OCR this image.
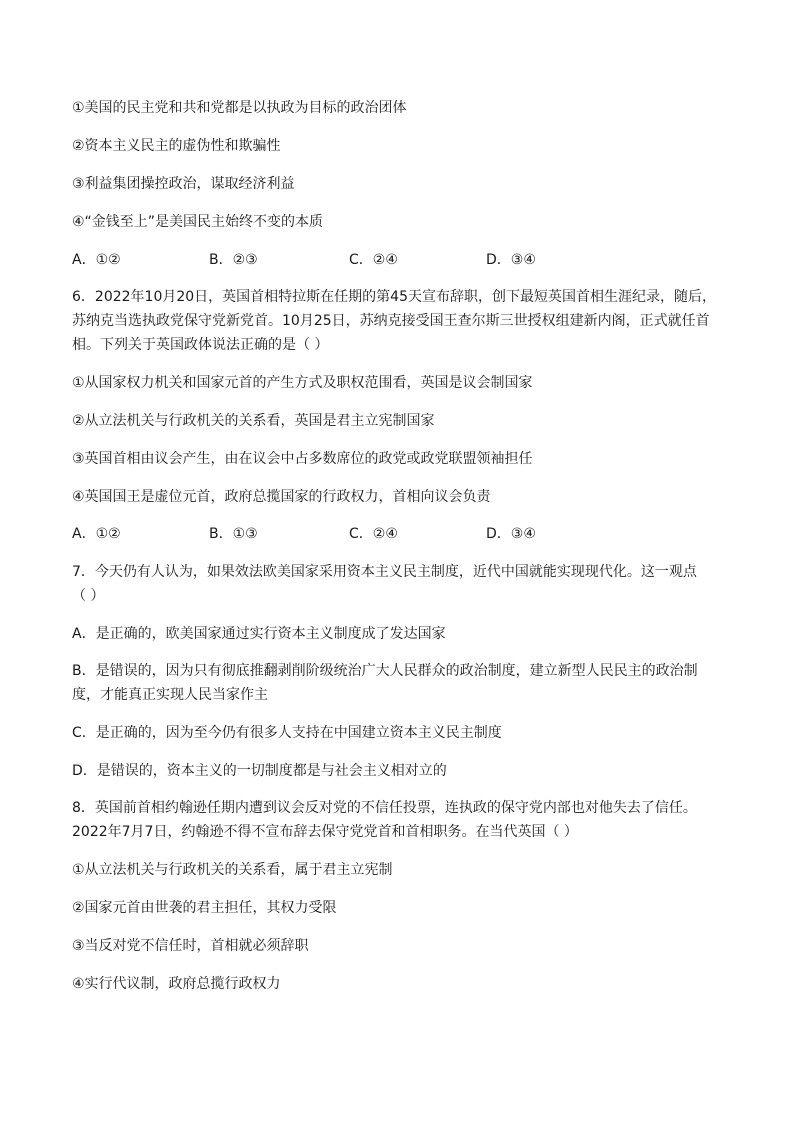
①美国的民主党和共和党都是以执政为目标的政治团体
②资本主义民主的虚伪性和欺骗性
③利益集团操控政治，谋取经济利益
④“金钱至上”是美国民主始终不变的本质
A．①②	B．②③	C．②④	D．③④
6．2022年10月20日，英国首相特拉斯在任期的第45天宣布辞职，创下最短英国首相生涯纪录，随后，
苏纳克当选执政党保守党新党首。10月25日，苏纳克接受国王查尔斯三世授权组建新内阁，正式就任首
相。下列关于英国政体说法正确的是（ ）
①从国家权力机关和国家元首的产生方式及职权范围看，英国是议会制国家
②从立法机关与行政机关的关系看，英国是君主立宪制国家
③英国首相由议会产生，由在议会中占多数席位的政党或政党联盟领袖担任
④英国国王是虚位元首，政府总揽国家的行政权力，首相向议会负责
A．①②	B．①③	C．②④	D．③④
7．今天仍有人认为，如果效法欧美国家采用资本主义民主制度，近代中国就能实现现代化。这一观点
（ ）
A．是正确的，欧美国家通过实行资本主义制度成了发达国家
B．是错误的，因为只有彻底推翻剥削阶级统治广大人民群众的政治制度，建立新型人民民主的政治制
度，才能真正实现人民当家作主
C．是正确的，因为至今仍有很多人支持在中国建立资本主义民主制度
D．是错误的，资本主义的一切制度都是与社会主义相对立的
8．英国前首相约翰逊任期内遭到议会反对党的不信任投票，连执政的保守党内部也对他失去了信任。
2022年7月7日，约翰逊不得不宣布辞去保守党党首和首相职务。在当代英国（ ）
①从立法机关与行政机关的关系看，属于君主立宪制
②国家元首由世袭的君主担任，其权力受限
③当反对党不信任时，首相就必须辞职
④实行代议制，政府总揽行政权力
